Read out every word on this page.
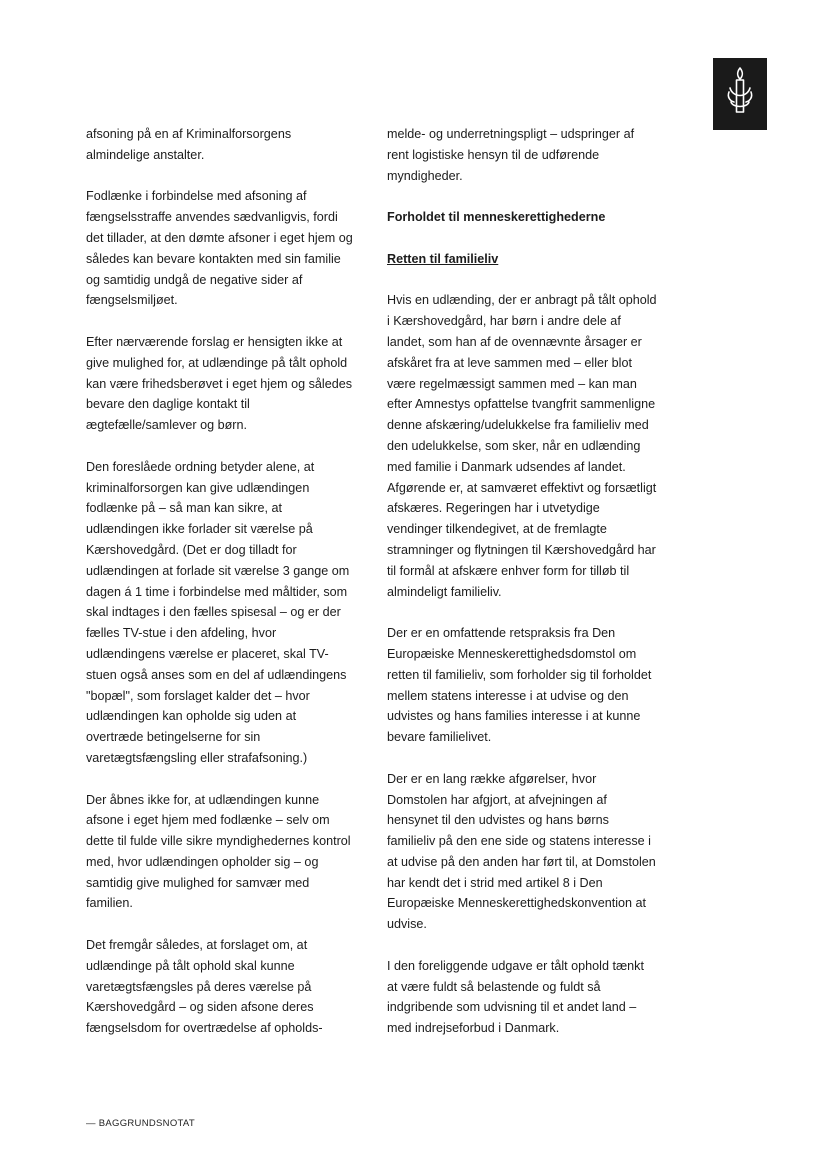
afsoning på en af Kriminalforsorgens almindelige anstalter.

Fodlænke i forbindelse med afsoning af fængselsstraffe anvendes sædvanligvis, fordi det tillader, at den dømte afsoner i eget hjem og således kan bevare kontakten med sin familie og samtidig undgå de negative sider af fængselsmiljøet.

Efter nærværende forslag er hensigten ikke at give mulighed for, at udlændinge på tålt ophold kan være frihedsberøvet i eget hjem og således bevare den daglige kontakt til ægtefælle/samlever og børn.

Den foreslåede ordning betyder alene, at kriminalforsorgen kan give udlændingen fodlænke på – så man kan sikre, at udlændingen ikke forlader sit værelse på Kærshovedgård. (Det er dog tilladt for udlændingen at forlade sit værelse 3 gange om dagen á 1 time i forbindelse med måltider, som skal indtages i den fælles spisesal – og er der fælles TV-stue i den afdeling, hvor udlændingens værelse er placeret, skal TV-stuen også anses som en del af udlændingens "bopæl", som forslaget kalder det – hvor udlændingen kan opholde sig uden at overtræde betingelserne for sin varetægtsfængsling eller strafafsoning.)

Der åbnes ikke for, at udlændingen kunne afsone i eget hjem med fodlænke – selv om dette til fulde ville sikre myndighedernes kontrol med, hvor udlændingen opholder sig – og samtidig give mulighed for samvær med familien.

Det fremgår således, at forslaget om, at udlændinge på tålt ophold skal kunne varetægtsfængsles på deres værelse på Kærshovedgård – og siden afsone deres fængselsdom for overtrædelse af opholds-

melde- og underretningspligt – udspringer af rent logistiske hensyn til de udførende myndigheder.

Forholdet til menneskerettighederne

Retten til familieliv

Hvis en udlænding, der er anbragt på tålt ophold i Kærshovedgård, har børn i andre dele af landet, som han af de ovennævnte årsager er afskåret fra at leve sammen med – eller blot være regelmæssigt sammen med – kan man efter Amnestys opfattelse tvangfrit sammenligne denne afskæring/udelukkelse fra familieliv med den udelukkelse, som sker, når en udlænding med familie i Danmark udsendes af landet. Afgørende er, at samværet effektivt og forsætligt afskæres. Regeringen har i utvetydige vendinger tilkendegivet, at de fremlagte stramninger og flytningen til Kærshovedgård har til formål at afskære enhver form for tilløb til almindeligt familieliv.

Der er en omfattende retspraksis fra Den Europæiske Menneskerettighedsdomstol om retten til familieliv, som forholder sig til forholdet mellem statens interesse i at udvise og den udvistes og hans families interesse i at kunne bevare familielivet.

Der er en lang række afgørelser, hvor Domstolen har afgjort, at afvejningen af hensynet til den udvistes og hans børns familieliv på den ene side og statens interesse i at udvise på den anden har ført til, at Domstolen har kendt det i strid med artikel 8 i Den Europæiske Menneskerettighedskonvention at udvise.

I den foreliggende udgave er tålt ophold tænkt at være fuldt så belastende og fuldt så indgribende som udvisning til et andet land – med indrejseforbud i Danmark.

— BAGGRUNDSNOTAT
